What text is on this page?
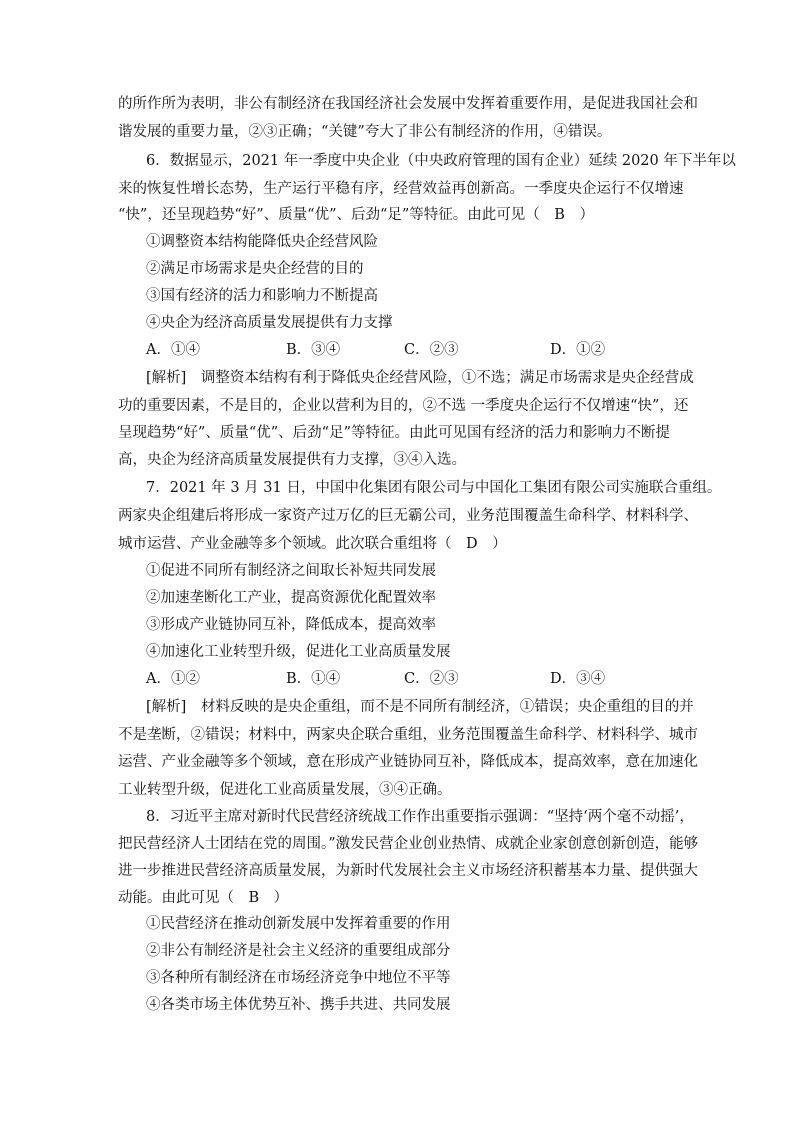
的所作所为表明，非公有制经济在我国经济社会发展中发挥着重要作用，是促进我国社会和
谐发展的重要力量，②③正确；“关键”夸大了非公有制经济的作用，④错误。
6．数据显示，2021 年一季度中央企业（中央政府管理的国有企业）延续 2020 年下半年以
来的恢复性增长态势，生产运行平稳有序，经营效益再创新高。一季度央企运行不仅增速
“快”，还呈现趋势“好”、质量“优”、后劲“足”等特征。由此可见（　B　）
①调整资本结构能降低央企经营风险
②满足市场需求是央企经营的目的
③国有经济的活力和影响力不断提高
④央企为经济高质量发展提供有力支撑
A．①④	B．③④	C．②③	D．①②
[解析]　调整资本结构有利于降低央企经营风险，①不选；满足市场需求是央企经营成
功的重要因素，不是目的，企业以营利为目的，②不选 一季度央企运行不仅增速“快”，还
呈现趋势“好”、质量“优”、后劲“足”等特征。由此可见国有经济的活力和影响力不断提
高，央企为经济高质量发展提供有力支撑，③④入选。
7．2021 年 3 月 31 日，中国中化集团有限公司与中国化工集团有限公司实施联合重组。
两家央企组建后将形成一家资产过万亿的巨无霸公司，业务范围覆盖生命科学、材料科学、
城市运营、产业金融等多个领域。此次联合重组将（　D　）
①促进不同所有制经济之间取长补短共同发展
②加速垄断化工产业，提高资源优化配置效率
③形成产业链协同互补，降低成本，提高效率
④加速化工业转型升级，促进化工业高质量发展
A．①②	B．①④	C．②③	D．③④
[解析]　材料反映的是央企重组，而不是不同所有制经济，①错误；央企重组的目的并
不是垄断，②错误；材料中，两家央企联合重组，业务范围覆盖生命科学、材料科学、城市
运营、产业金融等多个领域，意在形成产业链协同互补，降低成本，提高效率，意在加速化
工业转型升级，促进化工业高质量发展，③④正确。
8．习近平主席对新时代民营经济统战工作作出重要指示强调：“坚持‘两个毫不动摇’，
把民营经济人士团结在党的周围。”激发民营企业创业热情、成就企业家创意创新创造，能够
进一步推进民营经济高质量发展，为新时代发展社会主义市场经济积蓄基本力量、提供强大
动能。由此可见（　B　）
①民营经济在推动创新发展中发挥着重要的作用
②非公有制经济是社会主义经济的重要组成部分
③各种所有制经济在市场经济竞争中地位不平等
④各类市场主体优势互补、携手共进、共同发展
